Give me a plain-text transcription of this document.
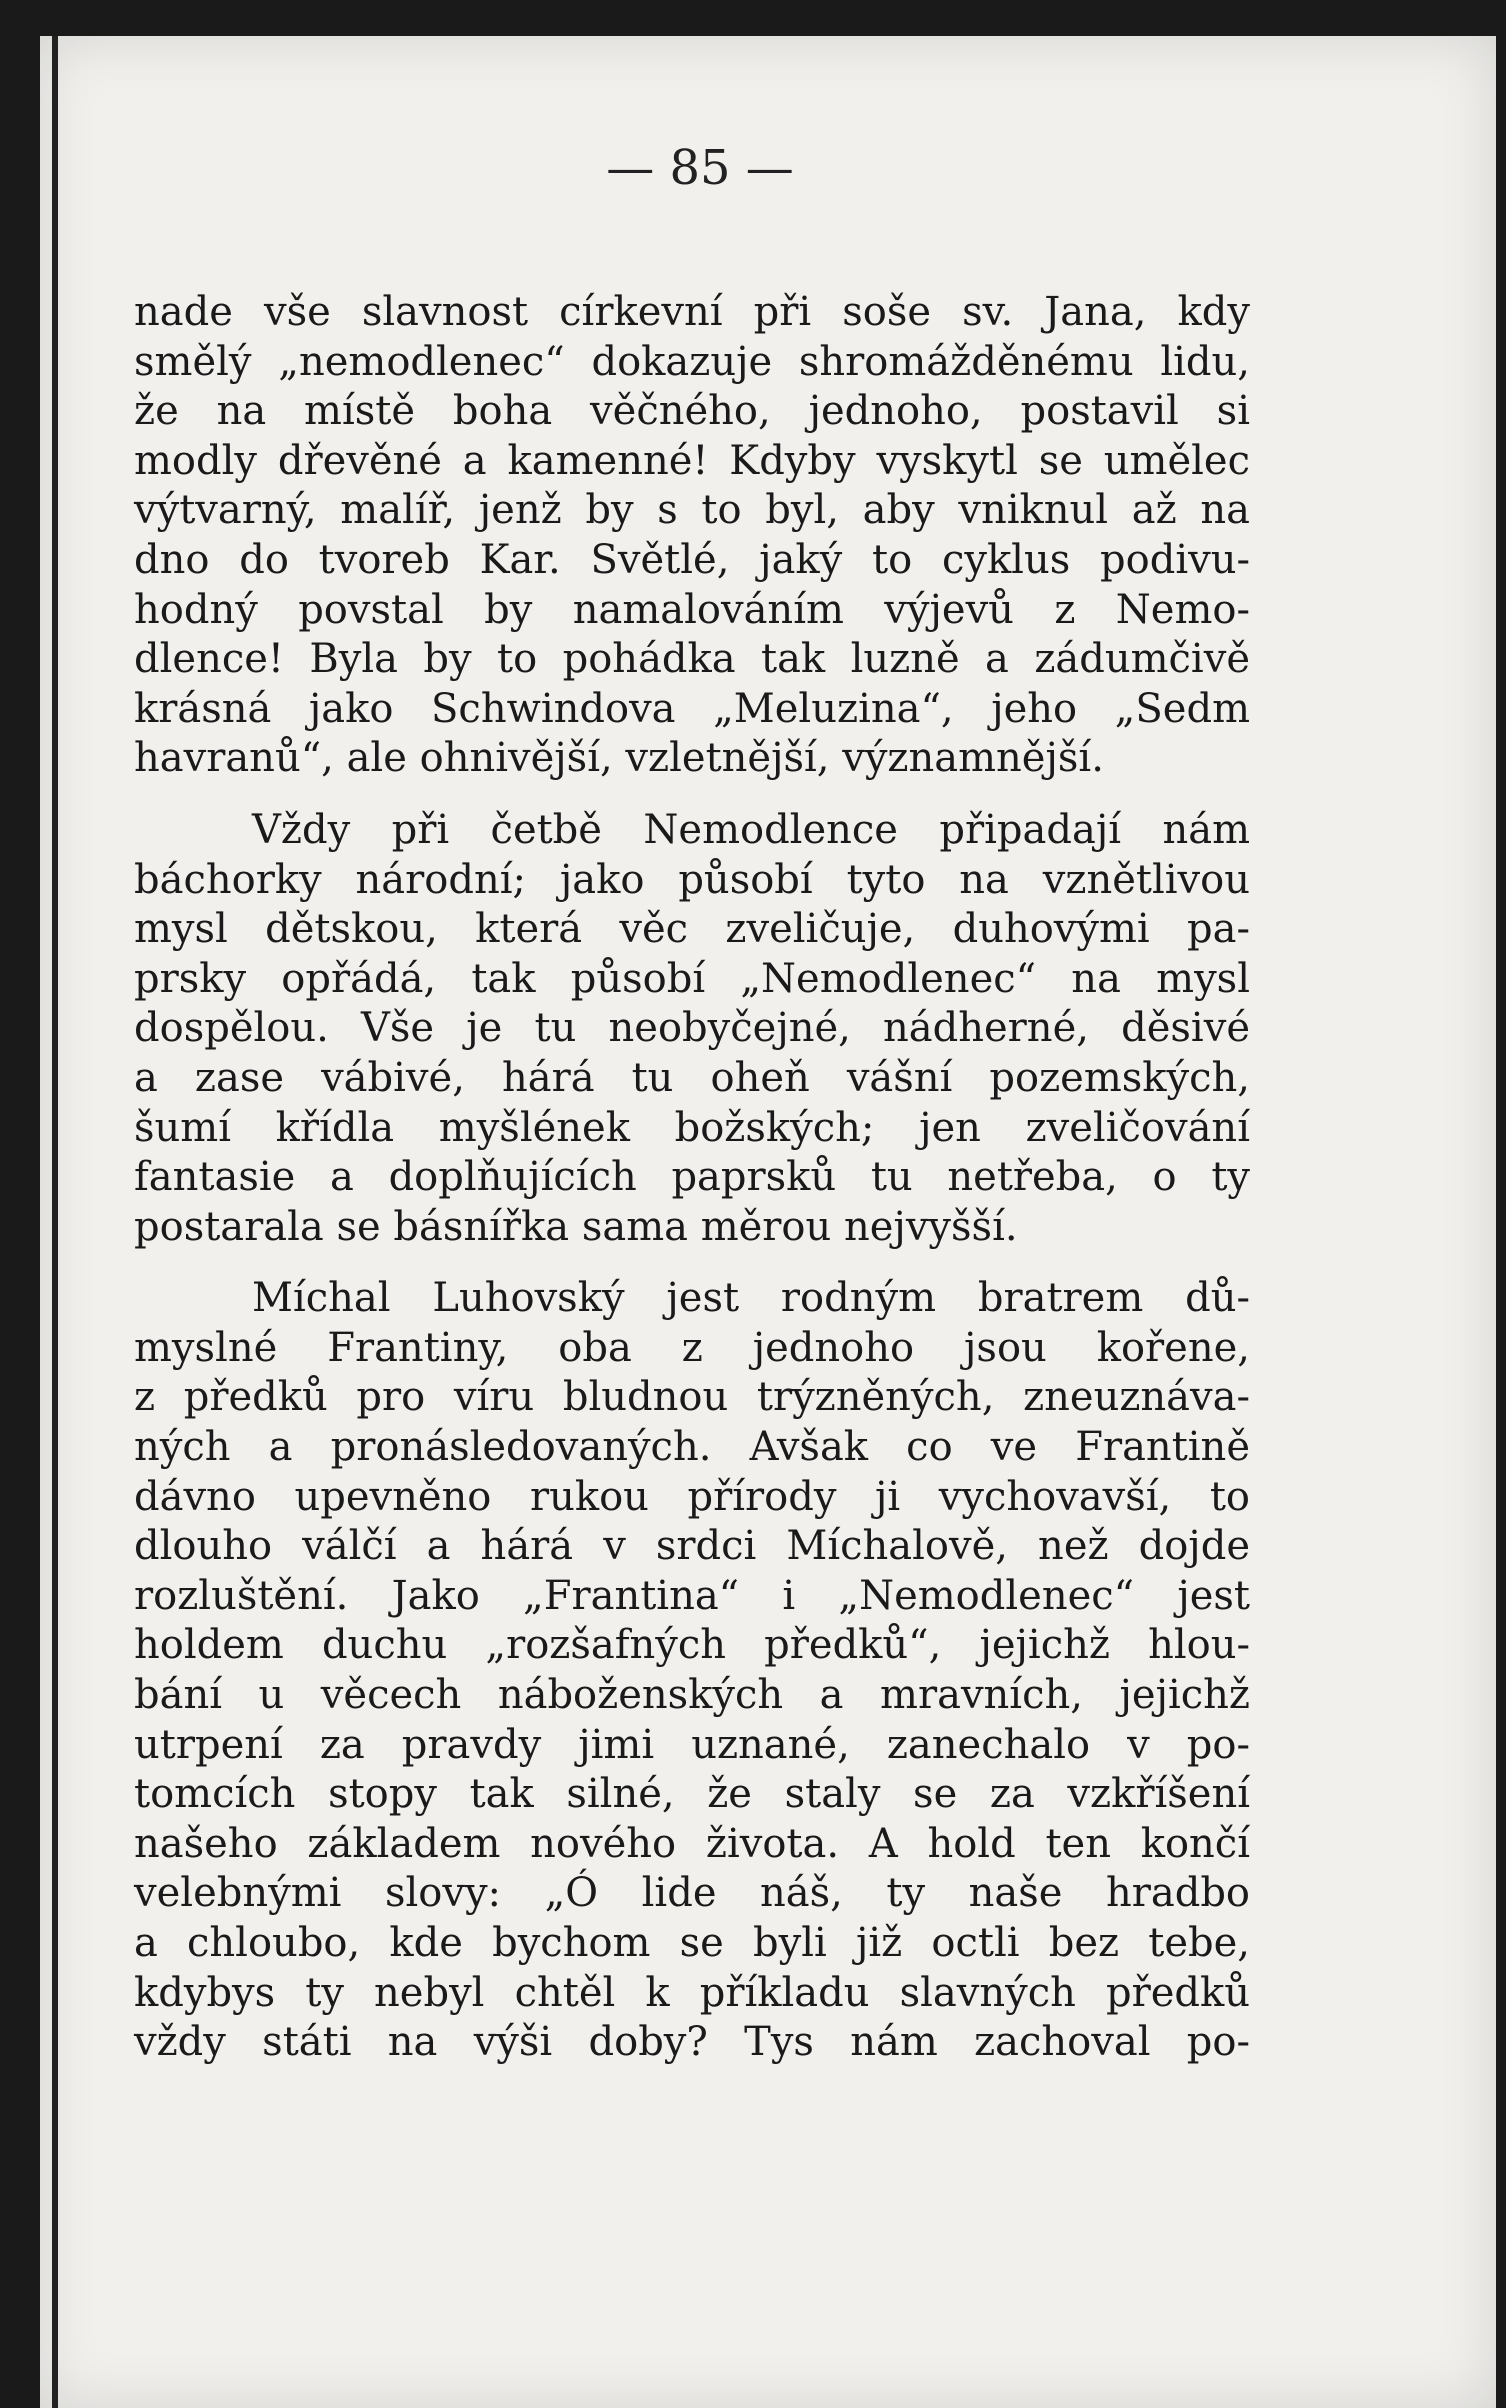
— 85 —
nade vše slavnost církevní při soše sv. Jana, kdy
smělý „nemodlenec“ dokazuje shromážděnému lidu,
že na místě boha věčného, jednoho, postavil si
modly dřevěné a kamenné! Kdyby vyskytl se umělec
výtvarný, malíř, jenž by s to byl, aby vniknul až na
dno do tvoreb Kar. Světlé, jaký to cyklus podivu-
hodný povstal by namalováním výjevů z Nemo-
dlence! Byla by to pohádka tak luzně a zádumčivě
krásná jako Schwindova „Meluzina“, jeho „Sedm
havranů“, ale ohnivější, vzletnější, významnější.
Vždy při četbě Nemodlence připadají nám
báchorky národní; jako působí tyto na vznětlivou
mysl dětskou, která věc zveličuje, duhovými pa-
prsky opřádá, tak působí „Nemodlenec“ na mysl
dospělou. Vše je tu neobyčejné, nádherné, děsivé
a zase vábivé, hárá tu oheň vášní pozemských,
šumí křídla myšlének božských; jen zveličování
fantasie a doplňujících paprsků tu netřeba, o ty
postarala se básnířka sama měrou nejvyšší.
Míchal Luhovský jest rodným bratrem dů-
myslné Frantiny, oba z jednoho jsou kořene,
z předků pro víru bludnou trýzněných, zneuznáva-
ných a pronásledovaných. Avšak co ve Frantině
dávno upevněno rukou přírody ji vychovavší, to
dlouho válčí a hárá v srdci Míchalově, než dojde
rozluštění. Jako „Frantina“ i „Nemodlenec“ jest
holdem duchu „rozšafných předků“, jejichž hlou-
bání u věcech náboženských a mravních, jejichž
utrpení za pravdy jimi uznané, zanechalo v po-
tomcích stopy tak silné, že staly se za vzkříšení
našeho základem nového života. A hold ten končí
velebnými slovy: „Ó lide náš, ty naše hradbo
a chloubo, kde bychom se byli již octli bez tebe,
kdybys ty nebyl chtěl k příkladu slavných předků
vždy státi na výši doby? Tys nám zachoval po-
